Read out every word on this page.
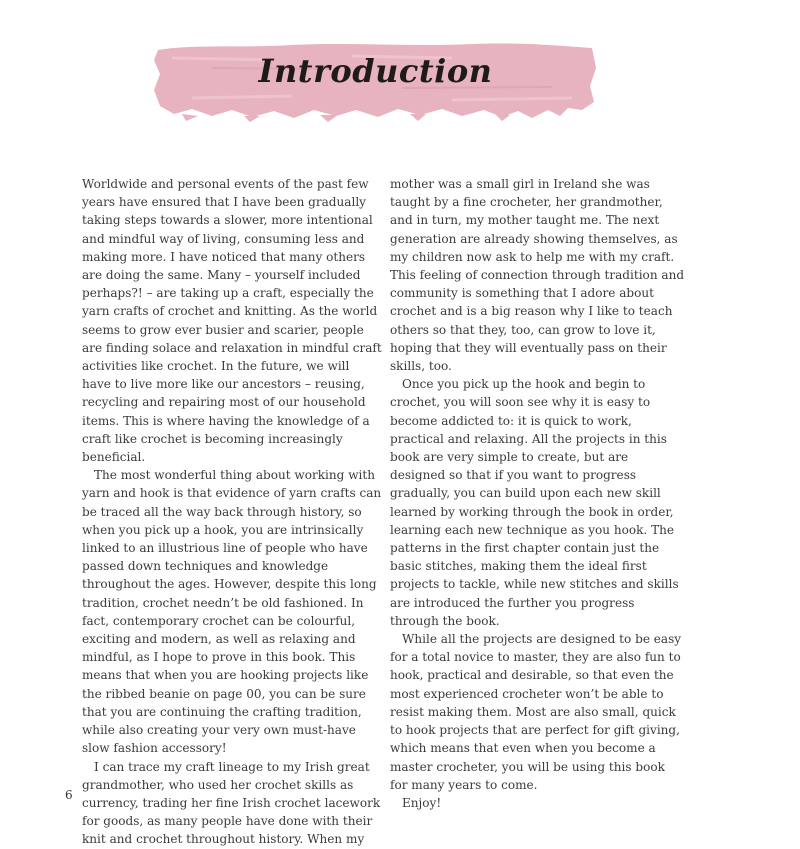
Introduction

Worldwide and personal events of the past few years have ensured that I have been gradually taking steps towards a slower, more intentional and mindful way of living, consuming less and making more. I have noticed that many others are doing the same. Many – yourself included perhaps?! – are taking up a craft, especially the yarn crafts of crochet and knitting. As the world seems to grow ever busier and scarier, people are finding solace and relaxation in mindful craft activities like crochet. In the future, we will have to live more like our ancestors – reusing, recycling and repairing most of our household items. This is where having the knowledge of a craft like crochet is becoming increasingly beneficial.

The most wonderful thing about working with yarn and hook is that evidence of yarn crafts can be traced all the way back through history, so when you pick up a hook, you are intrinsically linked to an illustrious line of people who have passed down techniques and knowledge throughout the ages. However, despite this long tradition, crochet needn’t be old fashioned. In fact, contemporary crochet can be colourful, exciting and modern, as well as relaxing and mindful, as I hope to prove in this book. This means that when you are hooking projects like the ribbed beanie on page 00, you can be sure that you are continuing the crafting tradition, while also creating your very own must-have slow fashion accessory!

I can trace my craft lineage to my Irish great grandmother, who used her crochet skills as currency, trading her fine Irish crochet lacework for goods, as many people have done with their knit and crochet throughout history. When my

mother was a small girl in Ireland she was taught by a fine crocheter, her grandmother, and in turn, my mother taught me. The next generation are already showing themselves, as my children now ask to help me with my craft. This feeling of connection through tradition and community is something that I adore about crochet and is a big reason why I like to teach others so that they, too, can grow to love it, hoping that they will eventually pass on their skills, too.

Once you pick up the hook and begin to crochet, you will soon see why it is easy to become addicted to: it is quick to work, practical and relaxing. All the projects in this book are very simple to create, but are designed so that if you want to progress gradually, you can build upon each new skill learned by working through the book in order, learning each new technique as you hook. The patterns in the first chapter contain just the basic stitches, making them the ideal first projects to tackle, while new stitches and skills are introduced the further you progress through the book.

While all the projects are designed to be easy for a total novice to master, they are also fun to hook, practical and desirable, so that even the most experienced crocheter won’t be able to resist making them. Most are also small, quick to hook projects that are perfect for gift giving, which means that even when you become a master crocheter, you will be using this book for many years to come.

Enjoy!

6
